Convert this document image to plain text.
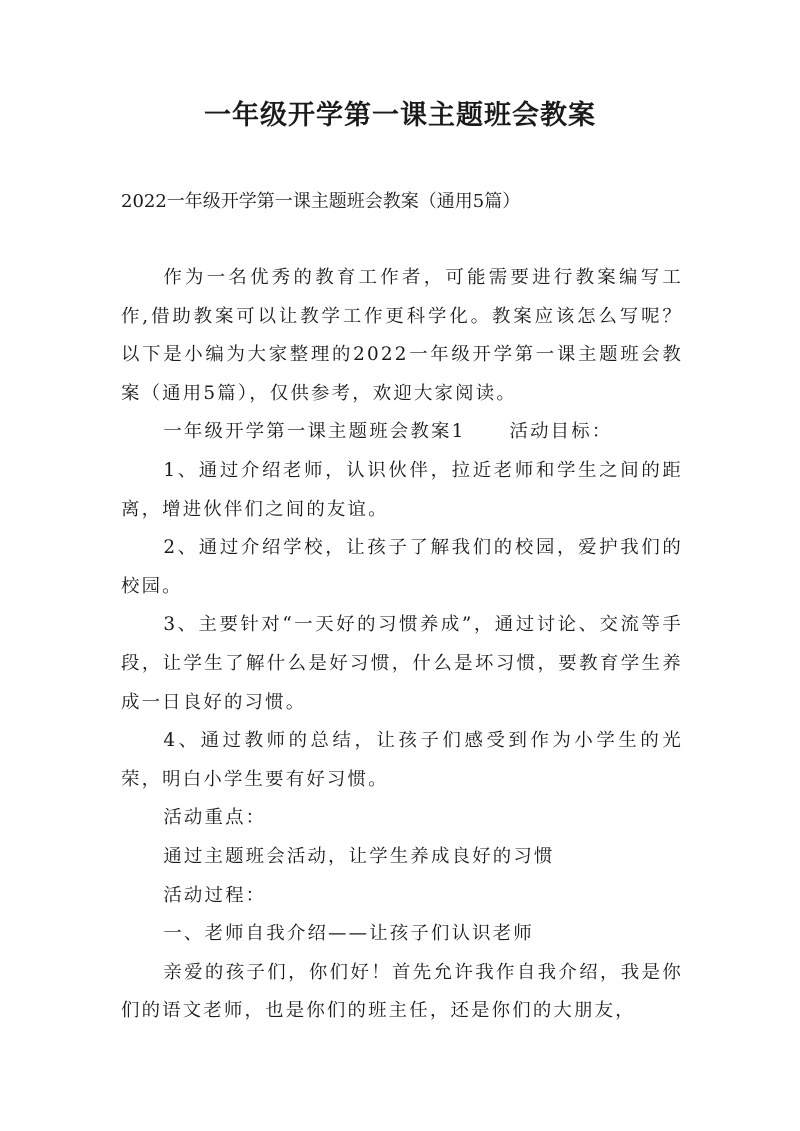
一年级开学第一课主题班会教案
2022一年级开学第一课主题班会教案（通用5篇）

作为一名优秀的教育工作者，可能需要进行教案编写工作,借助教案可以让教学工作更科学化。教案应该怎么写呢？以下是小编为大家整理的2022一年级开学第一课主题班会教案（通用5篇），仅供参考，欢迎大家阅读。

一年级开学第一课主题班会教案1 活动目标：

1、通过介绍老师，认识伙伴，拉近老师和学生之间的距离，增进伙伴们之间的友谊。

2、通过介绍学校，让孩子了解我们的校园，爱护我们的校园。

3、主要针对“一天好的习惯养成”，通过讨论、交流等手段，让学生了解什么是好习惯，什么是坏习惯，要教育学生养成一日良好的习惯。

4、通过教师的总结，让孩子们感受到作为小学生的光荣，明白小学生要有好习惯。

活动重点：

通过主题班会活动，让学生养成良好的习惯

活动过程：

一、老师自我介绍——让孩子们认识老师

亲爱的孩子们，你们好！首先允许我作自我介绍，我是你们的语文老师，也是你们的班主任，还是你们的大朋友，
